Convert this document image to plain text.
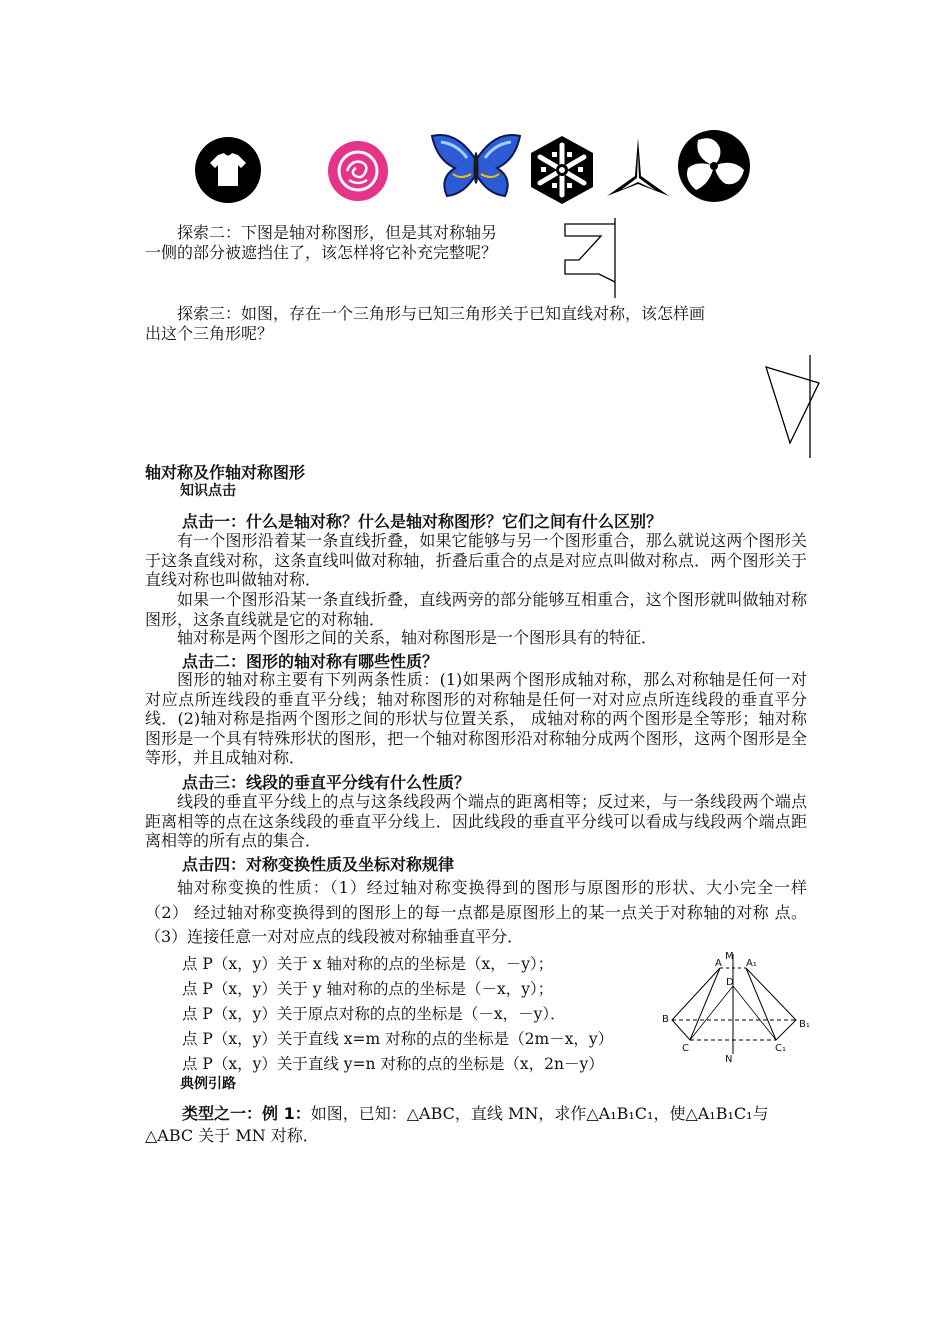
探索二：下图是轴对称图形，但是其对称轴另
一侧的部分被遮挡住了，该怎样将它补充完整呢？
探索三：如图，存在一个三角形与已知三角形关于已知直线对称，该怎样画
出这个三角形呢？
轴对称及作轴对称图形
知识点击
点击一：什么是轴对称？什么是轴对称图形？它们之间有什么区别？
有一个图形沿着某一条直线折叠，如果它能够与另一个图形重合，那么就说这两个图形关于这条直线对称，这条直线叫做对称轴，折叠后重合的点是对应点叫做对称点．两个图形关于直线对称也叫做轴对称．
如果一个图形沿某一条直线折叠，直线两旁的部分能够互相重合，这个图形就叫做轴对称图形，这条直线就是它的对称轴．
轴对称是两个图形之间的关系，轴对称图形是一个图形具有的特征．
点击二：图形的轴对称有哪些性质？
图形的轴对称主要有下列两条性质：(1)如果两个图形成轴对称，那么对称轴是任何一对对应点所连线段的垂直平分线；轴对称图形的对称轴是任何一对对应点所连线段的垂直平分线．(2)轴对称是指两个图形之间的形状与位置关系， 成轴对称的两个图形是全等形；轴对称图形是一个具有特殊形状的图形，把一个轴对称图形沿对称轴分成两个图形，这两个图形是全等形，并且成轴对称．
点击三：线段的垂直平分线有什么性质？
线段的垂直平分线上的点与这条线段两个端点的距离相等；反过来，与一条线段两个端点距离相等的点在这条线段的垂直平分线上．因此线段的垂直平分线可以看成与线段两个端点距离相等的所有点的集合．
点击四：对称变换性质及坐标对称规律
轴对称变换的性质：（1）经过轴对称变换得到的图形与原图形的形状、大小完全一样（2） 经过轴对称变换得到的图形上的每一点都是原图形上的某一点关于对称轴的对称 点。（3）连接任意一对对应点的线段被对称轴垂直平分．
点 P（x，y）关于 x 轴对称的点的坐标是（x，－y）；
点 P（x，y）关于 y 轴对称的点的坐标是（－x，y）；
点 P（x，y）关于原点对称的点的坐标是（－x，－y）．
点 P（x，y）关于直线 x=m 对称的点的坐标是（2m－x，y）
点 P（x，y）关于直线 y=n 对称的点的坐标是（x，2n－y）
M
A A₁
D
B	B₁
C	C₁
N
典例引路
类型之一：例 1：如图，已知：△ABC，直线 MN，求作△A₁B₁C₁，使△A₁B₁C₁与
△ABC 关于 MN 对称．
